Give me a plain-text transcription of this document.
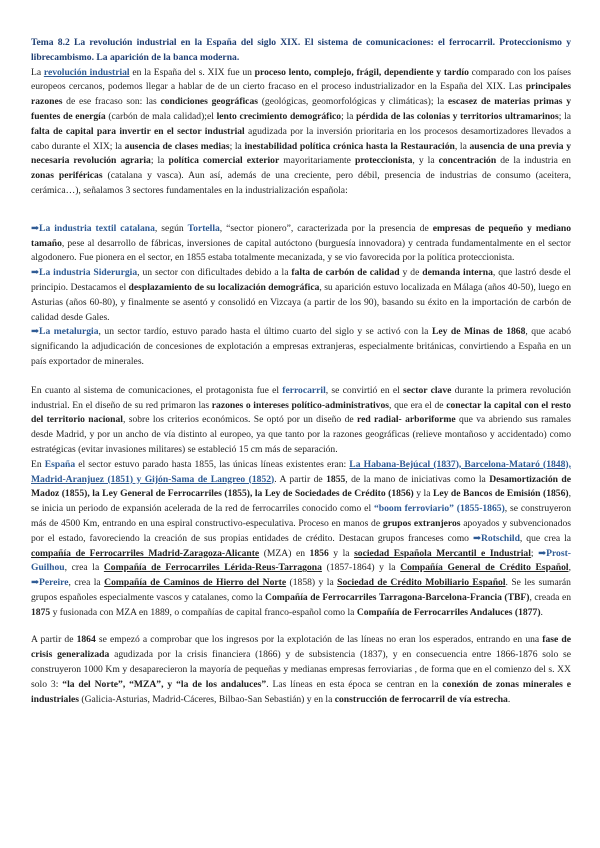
Tema 8.2 La revolución industrial en la España del siglo XIX. El sistema de comunicaciones: el ferrocarril. Proteccionismo y librecambismo. La aparición de la banca moderna.

La revolución industrial en la España del s. XIX fue un proceso lento, complejo, frágil, dependiente y tardío comparado con los países europeos cercanos, podemos llegar a hablar de de un cierto fracaso en el proceso industrializador en la España del XIX. Las principales razones de ese fracaso son: las condiciones geográficas (geológicas, geomorfológicas y climáticas); la escasez de materias primas y fuentes de energía (carbón de mala calidad);el lento crecimiento demográfico; la pérdida de las colonias y territorios ultramarinos; la falta de capital para invertir en el sector industrial agudizada por la inversión prioritaria en los procesos desamortizadores llevados a cabo durante el XIX; la ausencia de clases medias; la inestabilidad política crónica hasta la Restauración, la ausencia de una previa y necesaria revolución agraria; la política comercial exterior mayoritariamente proteccionista, y la concentración de la industria en zonas periféricas (catalana y vasca). Aun así, además de una creciente, pero débil, presencia de industrias de consumo (aceitera, cerámica…), señalamos 3 sectores fundamentales en la industrialización española:

➡La industria textil catalana, según Tortella, “sector pionero”, caracterizada por la presencia de empresas de pequeño y mediano tamaño, pese al desarrollo de fábricas, inversiones de capital autóctono (burguesía innovadora) y centrada fundamentalmente en el sector algodonero. Fue pionera en el sector, en 1855 estaba totalmente mecanizada, y se vio favorecida por la política proteccionista.

➡La industria Siderurgia, un sector con dificultades debido a la falta de carbón de calidad y de demanda interna, que lastró desde el principio. Destacamos el desplazamiento de su localización demográfica, su aparición estuvo localizada en Málaga (años 40-50), luego en Asturias (años 60-80), y finalmente se asentó y consolidó en Vizcaya (a partir de los 90), basando su éxito en la importación de carbón de calidad desde Gales.

➡La metalurgia, un sector tardío, estuvo parado hasta el último cuarto del siglo y se activó con la Ley de Minas de 1868, que acabó significando la adjudicación de concesiones de explotación a empresas extranjeras, especialmente británicas, convirtiendo a España en un país exportador de minerales.

En cuanto al sistema de comunicaciones, el protagonista fue el ferrocarril, se convirtió en el sector clave durante la primera revolución industrial. En el diseño de su red primaron las razones o intereses político-administrativos, que era el de conectar la capital con el resto del territorio nacional, sobre los criterios económicos. Se optó por un diseño de red radial- arboriforme que va abriendo sus ramales desde Madrid, y por un ancho de vía distinto al europeo, ya que tanto por la razones geográficas (relieve montañoso y accidentado) como estratégicas (evitar invasiones militares) se estableció 15 cm más de separación.

En España el sector estuvo parado hasta 1855, las únicas líneas existentes eran: La Habana-Bejúcal (1837), Barcelona-Mataró (1848), Madrid-Aranjuez (1851) y Gijón-Sama de Langreo (1852). A partir de 1855, de la mano de iniciativas como la Desamortización de Madoz (1855), la Ley General de Ferrocarriles (1855), la Ley de Sociedades de Crédito (1856) y la Ley de Bancos de Emisión (1856), se inicia un periodo de expansión acelerada de la red de ferrocarriles conocido como el “boom ferroviario” (1855-1865), se construyeron más de 4500 Km, entrando en una espiral constructivo-especulativa. Proceso en manos de grupos extranjeros apoyados y subvencionados por el estado, favoreciendo la creación de sus propias entidades de crédito. Destacan grupos franceses como ➡Rotschild, que crea la compañía de Ferrocarriles Madrid-Zaragoza-Alicante (MZA) en 1856 y la sociedad Española Mercantil e Industrial; ➡Prost-Guilhou, crea la Compañía de Ferrocarriles Lérida-Reus-Tarragona (1857-1864) y la Compañía General de Crédito Español, ➡Pereire, crea la Compañía de Caminos de Hierro del Norte (1858) y la Sociedad de Crédito Mobiliario Español. Se les sumarán grupos españoles especialmente vascos y catalanes, como la Compañía de Ferrocarriles Tarragona-Barcelona-Francia (TBF), creada en 1875 y fusionada con MZA en 1889, o compañías de capital franco-español como la Compañía de Ferrocarriles Andaluces (1877).

A partir de 1864 se empezó a comprobar que los ingresos por la explotación de las líneas no eran los esperados, entrando en una fase de crisis generalizada agudizada por la crisis financiera (1866) y de subsistencia (1837), y en consecuencia entre 1866-1876 solo se construyeron 1000 Km y desaparecieron la mayoría de pequeñas y medianas empresas ferroviarias , de forma que en el comienzo del s. XX solo 3: “la del Norte”, “MZA”, y “la de los andaluces”. Las líneas en esta época se centran en la conexión de zonas minerales e industriales (Galicia-Asturias, Madrid-Cáceres, Bilbao-San Sebastián) y en la construcción de ferrocarril de vía estrecha.
